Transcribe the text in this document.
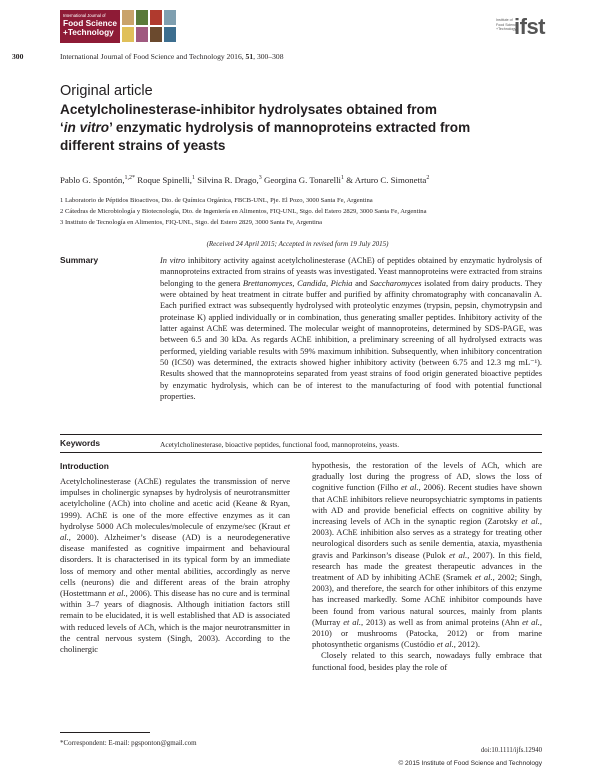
International Journal of
Food Science
+Technology
Institute of
Food Science
+Technology
ifst
300	International Journal of Food Science and Technology 2016, 51, 300–308
Original article
Acetylcholinesterase-inhibitor hydrolysates obtained from
‘in vitro’ enzymatic hydrolysis of mannoproteins extracted from
different strains of yeasts
Pablo G. Spontón,$^{1,2*}$ Roque Spinelli,$^1$ Silvina R. Drago,$^3$ Georgina G. Tonarelli$^1$ & Arturo C. Simonetta$^2$
1 Laboratorio de Péptidos Bioactivos, Dto. de Química Orgánica, FBCB-UNL, Pje. El Pozo, 3000 Santa Fe, Argentina
2 Cátedras de Microbiología y Biotecnología, Dto. de Ingeniería en Alimentos, FIQ-UNL, Stgo. del Estero 2829, 3000 Santa Fe, Argentina
3 Instituto de Tecnología en Alimentos, FIQ-UNL, Stgo. del Estero 2829, 3000 Santa Fe, Argentina
(Received 24 April 2015; Accepted in revised form 19 July 2015)
Summary	In vitro inhibitory activity against acetylcholinesterase (AChE) of peptides obtained by enzymatic hydrolysis of mannoproteins extracted from strains of yeasts was investigated. Yeast mannoproteins were extracted from strains belonging to the genera Brettanomyces, Candida, Pichia and Saccharomyces isolated from dairy products. They were obtained by heat treatment in citrate buffer and purified by affinity chromatography with concanavalin A. Each purified extract was subsequently hydrolysed with proteolytic enzymes (trypsin, pepsin, chymotrypsin and proteinase K) applied individually or in combination, thus generating smaller peptides. Inhibitory activity of the latter against AChE was determined. The molecular weight of mannoproteins, determined by SDS-PAGE, was between 6.5 and 30 kDa. As regards AChE inhibition, a preliminary screening of all hydrolysed extracts was performed, yielding variable results with 59% maximum inhibition. Subsequently, when inhibitory concentration 50 (IC50) was determined, the extracts showed higher inhibitory activity (between 6.75 and 12.3 mg mL⁻¹). Results showed that the mannoproteins separated from yeast strains of food origin generated bioactive peptides by enzymatic hydrolysis, which can be of interest to the manufacturing of food with potential functional properties.
Keywords	Acetylcholinesterase, bioactive peptides, functional food, mannoproteins, yeasts.
Introduction

Acetylcholinesterase (AChE) regulates the transmission of nerve impulses in cholinergic synapses by hydrolysis of neurotransmitter acetylcholine (ACh) into choline and acetic acid (Keane & Ryan, 1999). AChE is one of the more effective enzymes as it can hydrolyse 5000 ACh molecules/molecule of enzyme/sec (Kraut et al., 2000). Alzheimer’s disease (AD) is a neurodegenerative disease manifested as cognitive impairment and behavioural disorders. It is characterised in its typical form by an immediate loss of memory and other mental abilities, accordingly as nerve cells (neurons) die and different areas of the brain atrophy (Hostettmann et al., 2006). This disease has no cure and is terminal within 3–7 years of diagnosis. Although initiation factors still remain to be elucidated, it is well established that AD is associated with reduced levels of ACh, which is the major neurotransmitter in the central nervous system (Singh, 2003). According to the cholinergic

hypothesis, the restoration of the levels of ACh, which are gradually lost during the progress of AD, slows the loss of cognitive function (Filho et al., 2006). Recent studies have shown that AChE inhibitors relieve neuropsychiatric symptoms in patients with AD and provide beneficial effects on cognitive ability by increasing levels of ACh in the synaptic region (Zarotsky et al., 2003). AChE inhibition also serves as a strategy for treating other neurological disorders such as senile dementia, ataxia, myasthenia gravis and Parkinson’s disease (Pulok et al., 2007). In this field, research has made the greatest therapeutic advances in the treatment of AD by inhibiting AChE (Sramek et al., 2002; Singh, 2003), and therefore, the search for other inhibitors of this enzyme has increased markedly. Some AChE inhibitor compounds have been found from various natural sources, mainly from plants (Murray et al., 2013) as well as from animal proteins (Ahn et al., 2010) or mushrooms (Patocka, 2012) or from marine photosynthetic organisms (Custódio et al., 2012).

Closely related to this search, nowadays fully embrace that functional food, besides play the role of

*Correspondent: E-mail: pgsponton@gmail.com
doi:10.1111/ijfs.12940
© 2015 Institute of Food Science and Technology
